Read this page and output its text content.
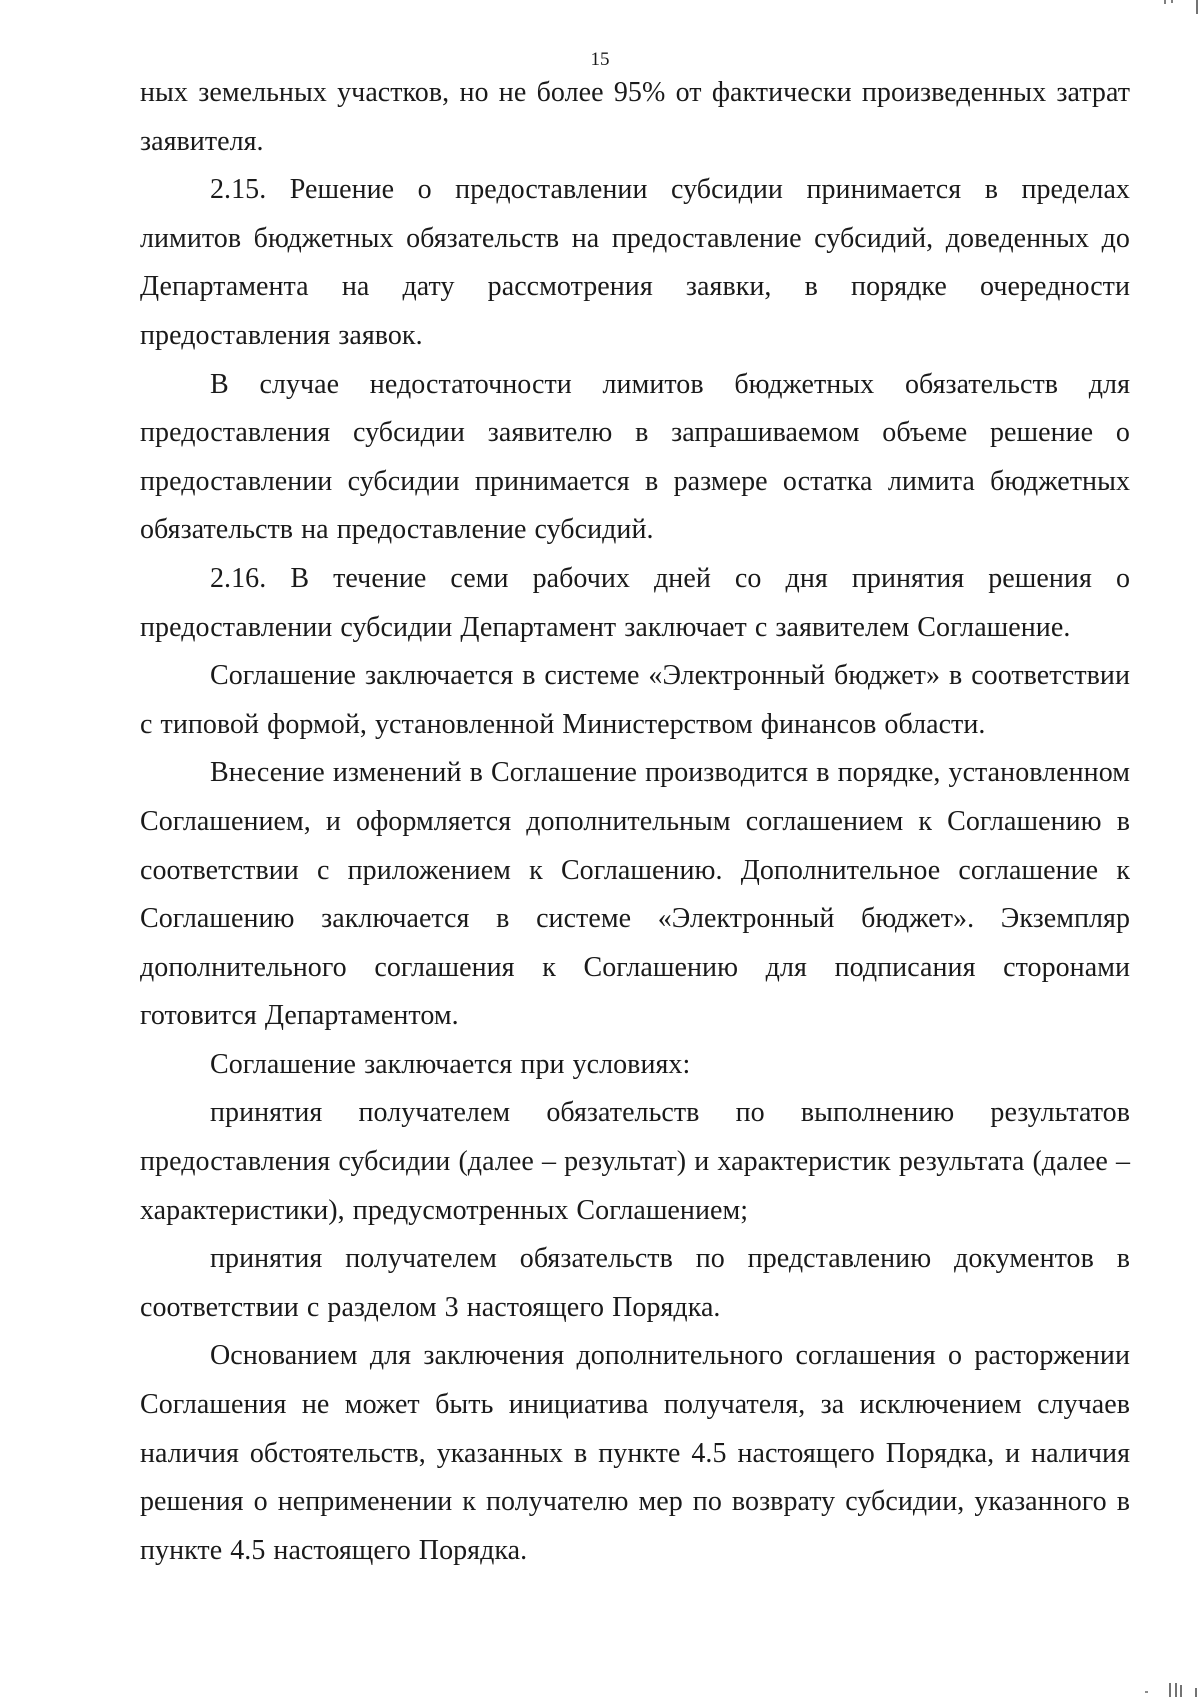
15

ных земельных участков, но не более 95% от фактически произведенных затрат заявителя.

2.15. Решение о предоставлении субсидии принимается в пределах лимитов бюджетных обязательств на предоставление субсидий, доведенных до Департамента на дату рассмотрения заявки, в порядке очередности предоставления заявок.

В случае недостаточности лимитов бюджетных обязательств для предоставления субсидии заявителю в запрашиваемом объеме решение о предоставлении субсидии принимается в размере остатка лимита бюджетных обязательств на предоставление субсидий.

2.16. В течение семи рабочих дней со дня принятия решения о предоставлении субсидии Департамент заключает с заявителем Соглашение.

Соглашение заключается в системе «Электронный бюджет» в соответствии с типовой формой, установленной Министерством финансов области.

Внесение изменений в Соглашение производится в порядке, установленном Соглашением, и оформляется дополнительным соглашением к Соглашению в соответствии с приложением к Соглашению. Дополнительное соглашение к Соглашению заключается в системе «Электронный бюджет». Экземпляр дополнительного соглашения к Соглашению для подписания сторонами готовится Департаментом.

Соглашение заключается при условиях:

принятия получателем обязательств по выполнению результатов предоставления субсидии (далее – результат) и характеристик результата (далее – характеристики), предусмотренных Соглашением;

принятия получателем обязательств по представлению документов в соответствии с разделом 3 настоящего Порядка.

Основанием для заключения дополнительного соглашения о расторжении Соглашения не может быть инициатива получателя, за исключением случаев наличия обстоятельств, указанных в пункте 4.5 настоящего Порядка, и наличия решения о неприменении к получателю мер по возврату субсидии, указанного в пункте 4.5 настоящего Порядка.
